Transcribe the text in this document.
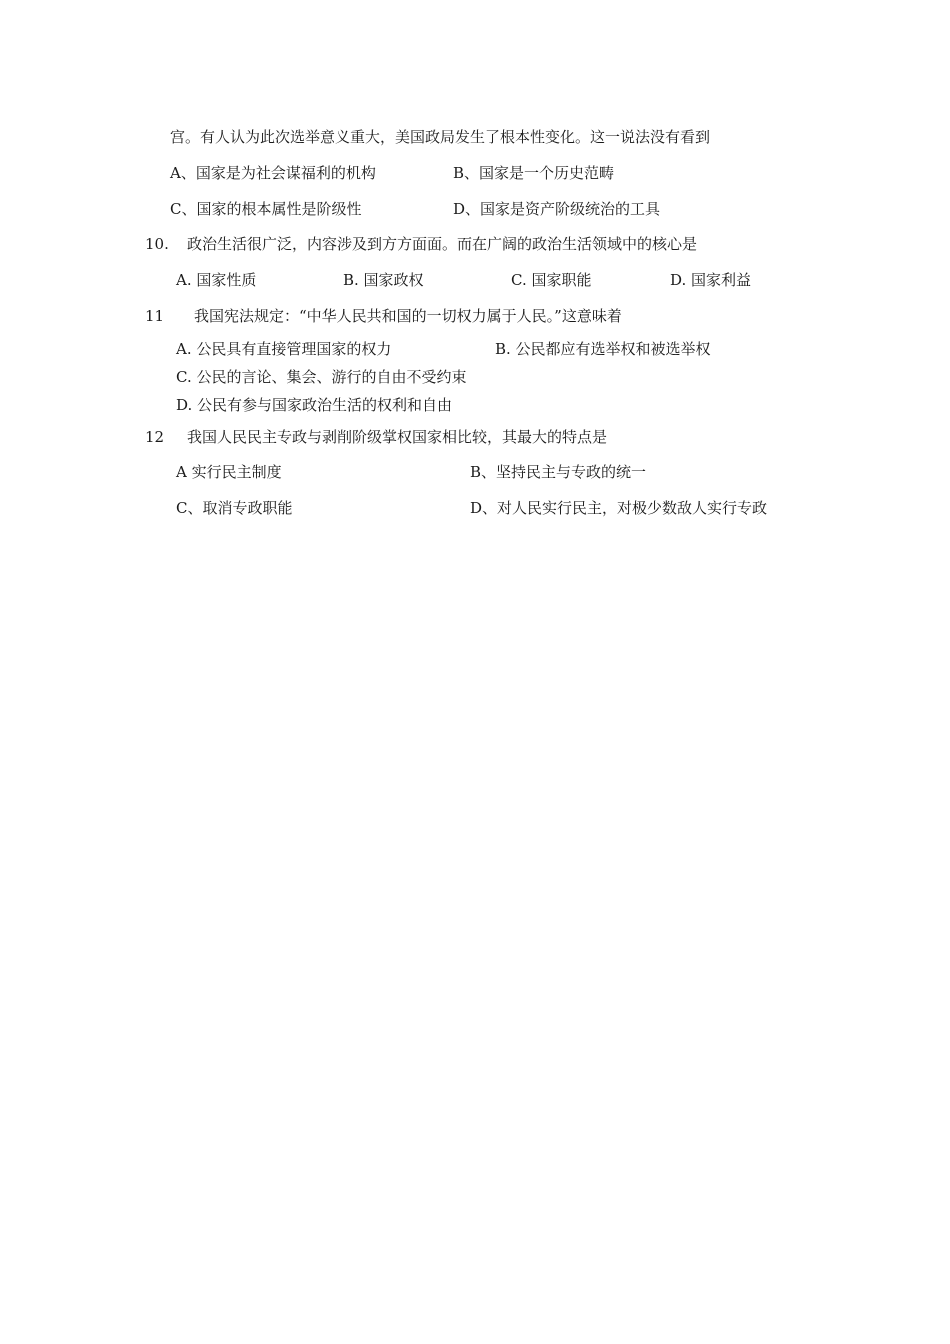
宫。有人认为此次选举意义重大，美国政局发生了根本性变化。这一说法没有看到
A、国家是为社会谋福利的机构	B、国家是一个历史范畴
C、国家的根本属性是阶级性	D、国家是资产阶级统治的工具
10. 政治生活很广泛，内容涉及到方方面面。而在广阔的政治生活领域中的核心是
A. 国家性质	B. 国家政权	C. 国家职能	D. 国家利益
11 我国宪法规定：“中华人民共和国的一切权力属于人民。”这意味着
A. 公民具有直接管理国家的权力	B. 公民都应有选举权和被选举权
C. 公民的言论、集会、游行的自由不受约束
D. 公民有参与国家政治生活的权利和自由
12 我国人民民主专政与剥削阶级掌权国家相比较，其最大的特点是
A 实行民主制度	B、坚持民主与专政的统一
C、取消专政职能	D、对人民实行民主，对极少数敌人实行专政
